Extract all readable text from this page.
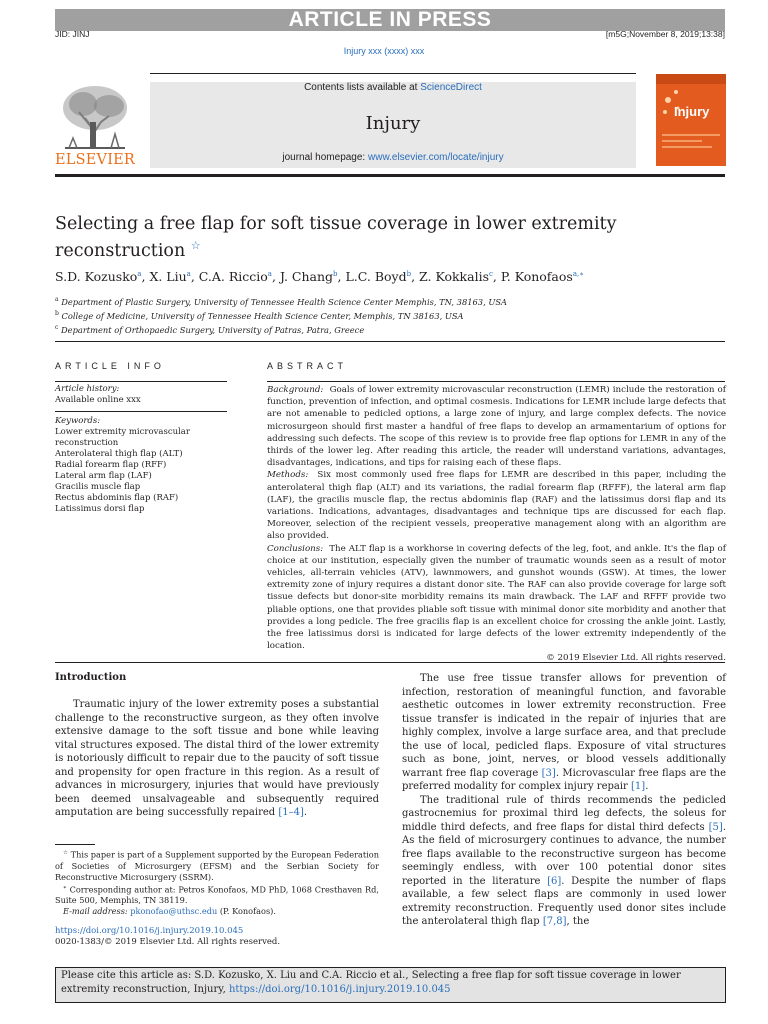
ARTICLE IN PRESS
JID: JINJ	[m5G;November 8, 2019;13:38]
Injury xxx (xxxx) xxx
ELSEVIER
Contents lists available at ScienceDirect
Injury
journal homepage: www.elsevier.com/locate/injury
Injury
Selecting a free flap for soft tissue coverage in lower extremity reconstruction ☆
S.D. Kozusko$^a$, X. Liu$^a$, C.A. Riccio$^a$, J. Chang$^b$, L.C. Boyd$^b$, Z. Kokkalis$^c$, P. Konofaos$^{a,∗}$
$^a$ Department of Plastic Surgery, University of Tennessee Health Science Center Memphis, TN, 38163, USA
$^b$ College of Medicine, University of Tennessee Health Science Center, Memphis, TN 38163, USA
$^c$ Department of Orthopaedic Surgery, University of Patras, Patra, Greece
ARTICLE INFO	ABSTRACT
Article history:
Available online xxx
Keywords:
Lower extremity microvascular reconstruction
Anterolateral thigh flap (ALT)
Radial forearm flap (RFF)
Lateral arm flap (LAF)
Gracilis muscle flap
Rectus abdominis flap (RAF)
Latissimus dorsi flap

Background: Goals of lower extremity microvascular reconstruction (LEMR) include the restoration of function, prevention of infection, and optimal cosmesis. Indications for LEMR include large defects that are not amenable to pedicled options, a large zone of injury, and large complex defects. The novice microsurgeon should first master a handful of free flaps to develop an armamentarium of options for addressing such defects. The scope of this review is to provide free flap options for LEMR in any of the thirds of the lower leg. After reading this article, the reader will understand variations, advantages, disadvantages, indications, and tips for raising each of these flaps.

Methods: Six most commonly used free flaps for LEMR are described in this paper, including the anterolateral thigh flap (ALT) and its variations, the radial forearm flap (RFFF), the lateral arm flap (LAF), the gracilis muscle flap, the rectus abdominis flap (RAF) and the latissimus dorsi flap and its variations. Indications, advantages, disadvantages and technique tips are discussed for each flap. Moreover, selection of the recipient vessels, preoperative management along with an algorithm are also provided.

Conclusions: The ALT flap is a workhorse in covering defects of the leg, foot, and ankle. It's the flap of choice at our institution, especially given the number of traumatic wounds seen as a result of motor vehicles, all-terrain vehicles (ATV), lawnmowers, and gunshot wounds (GSW). At times, the lower extremity zone of injury requires a distant donor site. The RAF can also provide coverage for large soft tissue defects but donor-site morbidity remains its main drawback. The LAF and RFFF provide two pliable options, one that provides pliable soft tissue with minimal donor site morbidity and another that provides a long pedicle. The free gracilis flap is an excellent choice for crossing the ankle joint. Lastly, the free latissimus dorsi is indicated for large defects of the lower extremity independently of the location.

© 2019 Elsevier Ltd. All rights reserved.

Introduction

Traumatic injury of the lower extremity poses a substantial challenge to the reconstructive surgeon, as they often involve extensive damage to the soft tissue and bone while leaving vital structures exposed. The distal third of the lower extremity is notoriously difficult to repair due to the paucity of soft tissue and propensity for open fracture in this region. As a result of advances in microsurgery, injuries that would have previously been deemed unsalvageable and subsequently required amputation are being successfully repaired [1–4].

The use free tissue transfer allows for prevention of infection, restoration of meaningful function, and favorable aesthetic outcomes in lower extremity reconstruction. Free tissue transfer is indicated in the repair of injuries that are highly complex, involve a large surface area, and that preclude the use of local, pedicled flaps. Exposure of vital structures such as bone, joint, nerves, or blood vessels additionally warrant free flap coverage [3]. Microvascular free flaps are the preferred modality for complex injury repair [1].

The traditional rule of thirds recommends the pedicled gastrocnemius for proximal third leg defects, the soleus for middle third defects, and free flaps for distal third defects [5]. As the field of microsurgery continues to advance, the number free flaps available to the reconstructive surgeon has become seemingly endless, with over 100 potential donor sites reported in the literature [6]. Despite the number of flaps available, a few select flaps are commonly in used lower extremity reconstruction. Frequently used donor sites include the anterolateral thigh flap [7,8], the

☆ This paper is part of a Supplement supported by the European Federation of Societies of Microsurgery (EFSM) and the Serbian Society for Reconstructive Microsurgery (SSRM).

∗ Corresponding author at: Petros Konofaos, MD PhD, 1068 Cresthaven Rd, Suite 500, Memphis, TN 38119.

E-mail address: pkonofao@uthsc.edu (P. Konofaos).

https://doi.org/10.1016/j.injury.2019.10.045
0020-1383/© 2019 Elsevier Ltd. All rights reserved.
Please cite this article as: S.D. Kozusko, X. Liu and C.A. Riccio et al., Selecting a free flap for soft tissue coverage in lower extremity reconstruction, Injury, https://doi.org/10.1016/j.injury.2019.10.045
